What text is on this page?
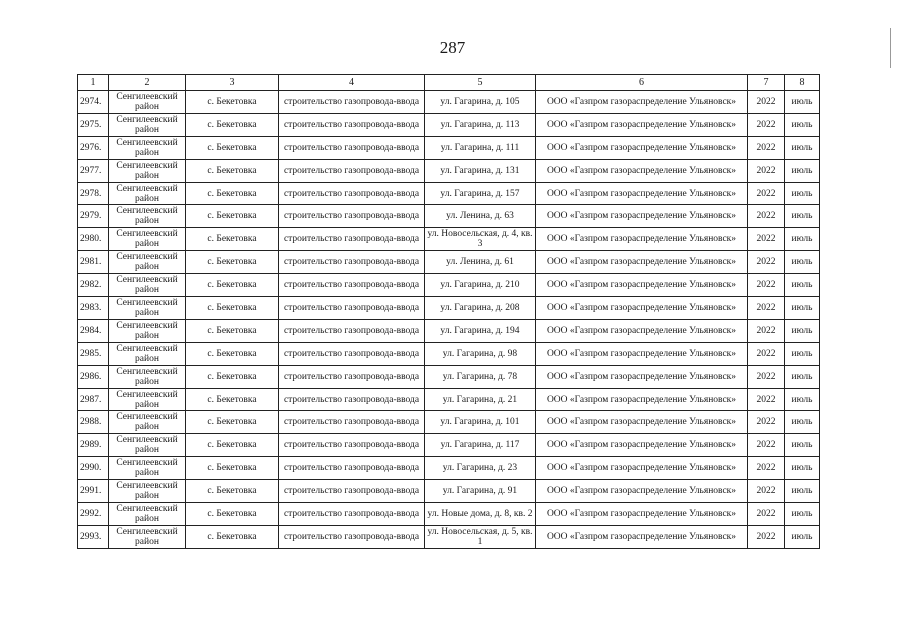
287
1	2	3	4	5	6	7	8
2974.	Сенгилеевский район	с. Бекетовка	строительство газопровода-ввода	ул. Гагарина, д. 105	ООО «Газпром газораспределение Ульяновск»	2022	июль
2975.	Сенгилеевский район	с. Бекетовка	строительство газопровода-ввода	ул. Гагарина, д. 113	ООО «Газпром газораспределение Ульяновск»	2022	июль
2976.	Сенгилеевский район	с. Бекетовка	строительство газопровода-ввода	ул. Гагарина, д. 111	ООО «Газпром газораспределение Ульяновск»	2022	июль
2977.	Сенгилеевский район	с. Бекетовка	строительство газопровода-ввода	ул. Гагарина, д. 131	ООО «Газпром газораспределение Ульяновск»	2022	июль
2978.	Сенгилеевский район	с. Бекетовка	строительство газопровода-ввода	ул. Гагарина, д. 157	ООО «Газпром газораспределение Ульяновск»	2022	июль
2979.	Сенгилеевский район	с. Бекетовка	строительство газопровода-ввода	ул. Ленина, д. 63	ООО «Газпром газораспределение Ульяновск»	2022	июль
2980.	Сенгилеевский район	с. Бекетовка	строительство газопровода-ввода	ул. Новосельская, д. 4, кв. 3	ООО «Газпром газораспределение Ульяновск»	2022	июль
2981.	Сенгилеевский район	с. Бекетовка	строительство газопровода-ввода	ул. Ленина, д. 61	ООО «Газпром газораспределение Ульяновск»	2022	июль
2982.	Сенгилеевский район	с. Бекетовка	строительство газопровода-ввода	ул. Гагарина, д. 210	ООО «Газпром газораспределение Ульяновск»	2022	июль
2983.	Сенгилеевский район	с. Бекетовка	строительство газопровода-ввода	ул. Гагарина, д. 208	ООО «Газпром газораспределение Ульяновск»	2022	июль
2984.	Сенгилеевский район	с. Бекетовка	строительство газопровода-ввода	ул. Гагарина, д. 194	ООО «Газпром газораспределение Ульяновск»	2022	июль
2985.	Сенгилеевский район	с. Бекетовка	строительство газопровода-ввода	ул. Гагарина, д. 98	ООО «Газпром газораспределение Ульяновск»	2022	июль
2986.	Сенгилеевский район	с. Бекетовка	строительство газопровода-ввода	ул. Гагарина, д. 78	ООО «Газпром газораспределение Ульяновск»	2022	июль
2987.	Сенгилеевский район	с. Бекетовка	строительство газопровода-ввода	ул. Гагарина, д. 21	ООО «Газпром газораспределение Ульяновск»	2022	июль
2988.	Сенгилеевский район	с. Бекетовка	строительство газопровода-ввода	ул. Гагарина, д. 101	ООО «Газпром газораспределение Ульяновск»	2022	июль
2989.	Сенгилеевский район	с. Бекетовка	строительство газопровода-ввода	ул. Гагарина, д. 117	ООО «Газпром газораспределение Ульяновск»	2022	июль
2990.	Сенгилеевский район	с. Бекетовка	строительство газопровода-ввода	ул. Гагарина, д. 23	ООО «Газпром газораспределение Ульяновск»	2022	июль
2991.	Сенгилеевский район	с. Бекетовка	строительство газопровода-ввода	ул. Гагарина, д. 91	ООО «Газпром газораспределение Ульяновск»	2022	июль
2992.	Сенгилеевский район	с. Бекетовка	строительство газопровода-ввода	ул. Новые дома, д. 8, кв. 2	ООО «Газпром газораспределение Ульяновск»	2022	июль
2993.	Сенгилеевский район	с. Бекетовка	строительство газопровода-ввода	ул. Новосельская, д. 5, кв. 1	ООО «Газпром газораспределение Ульяновск»	2022	июль
